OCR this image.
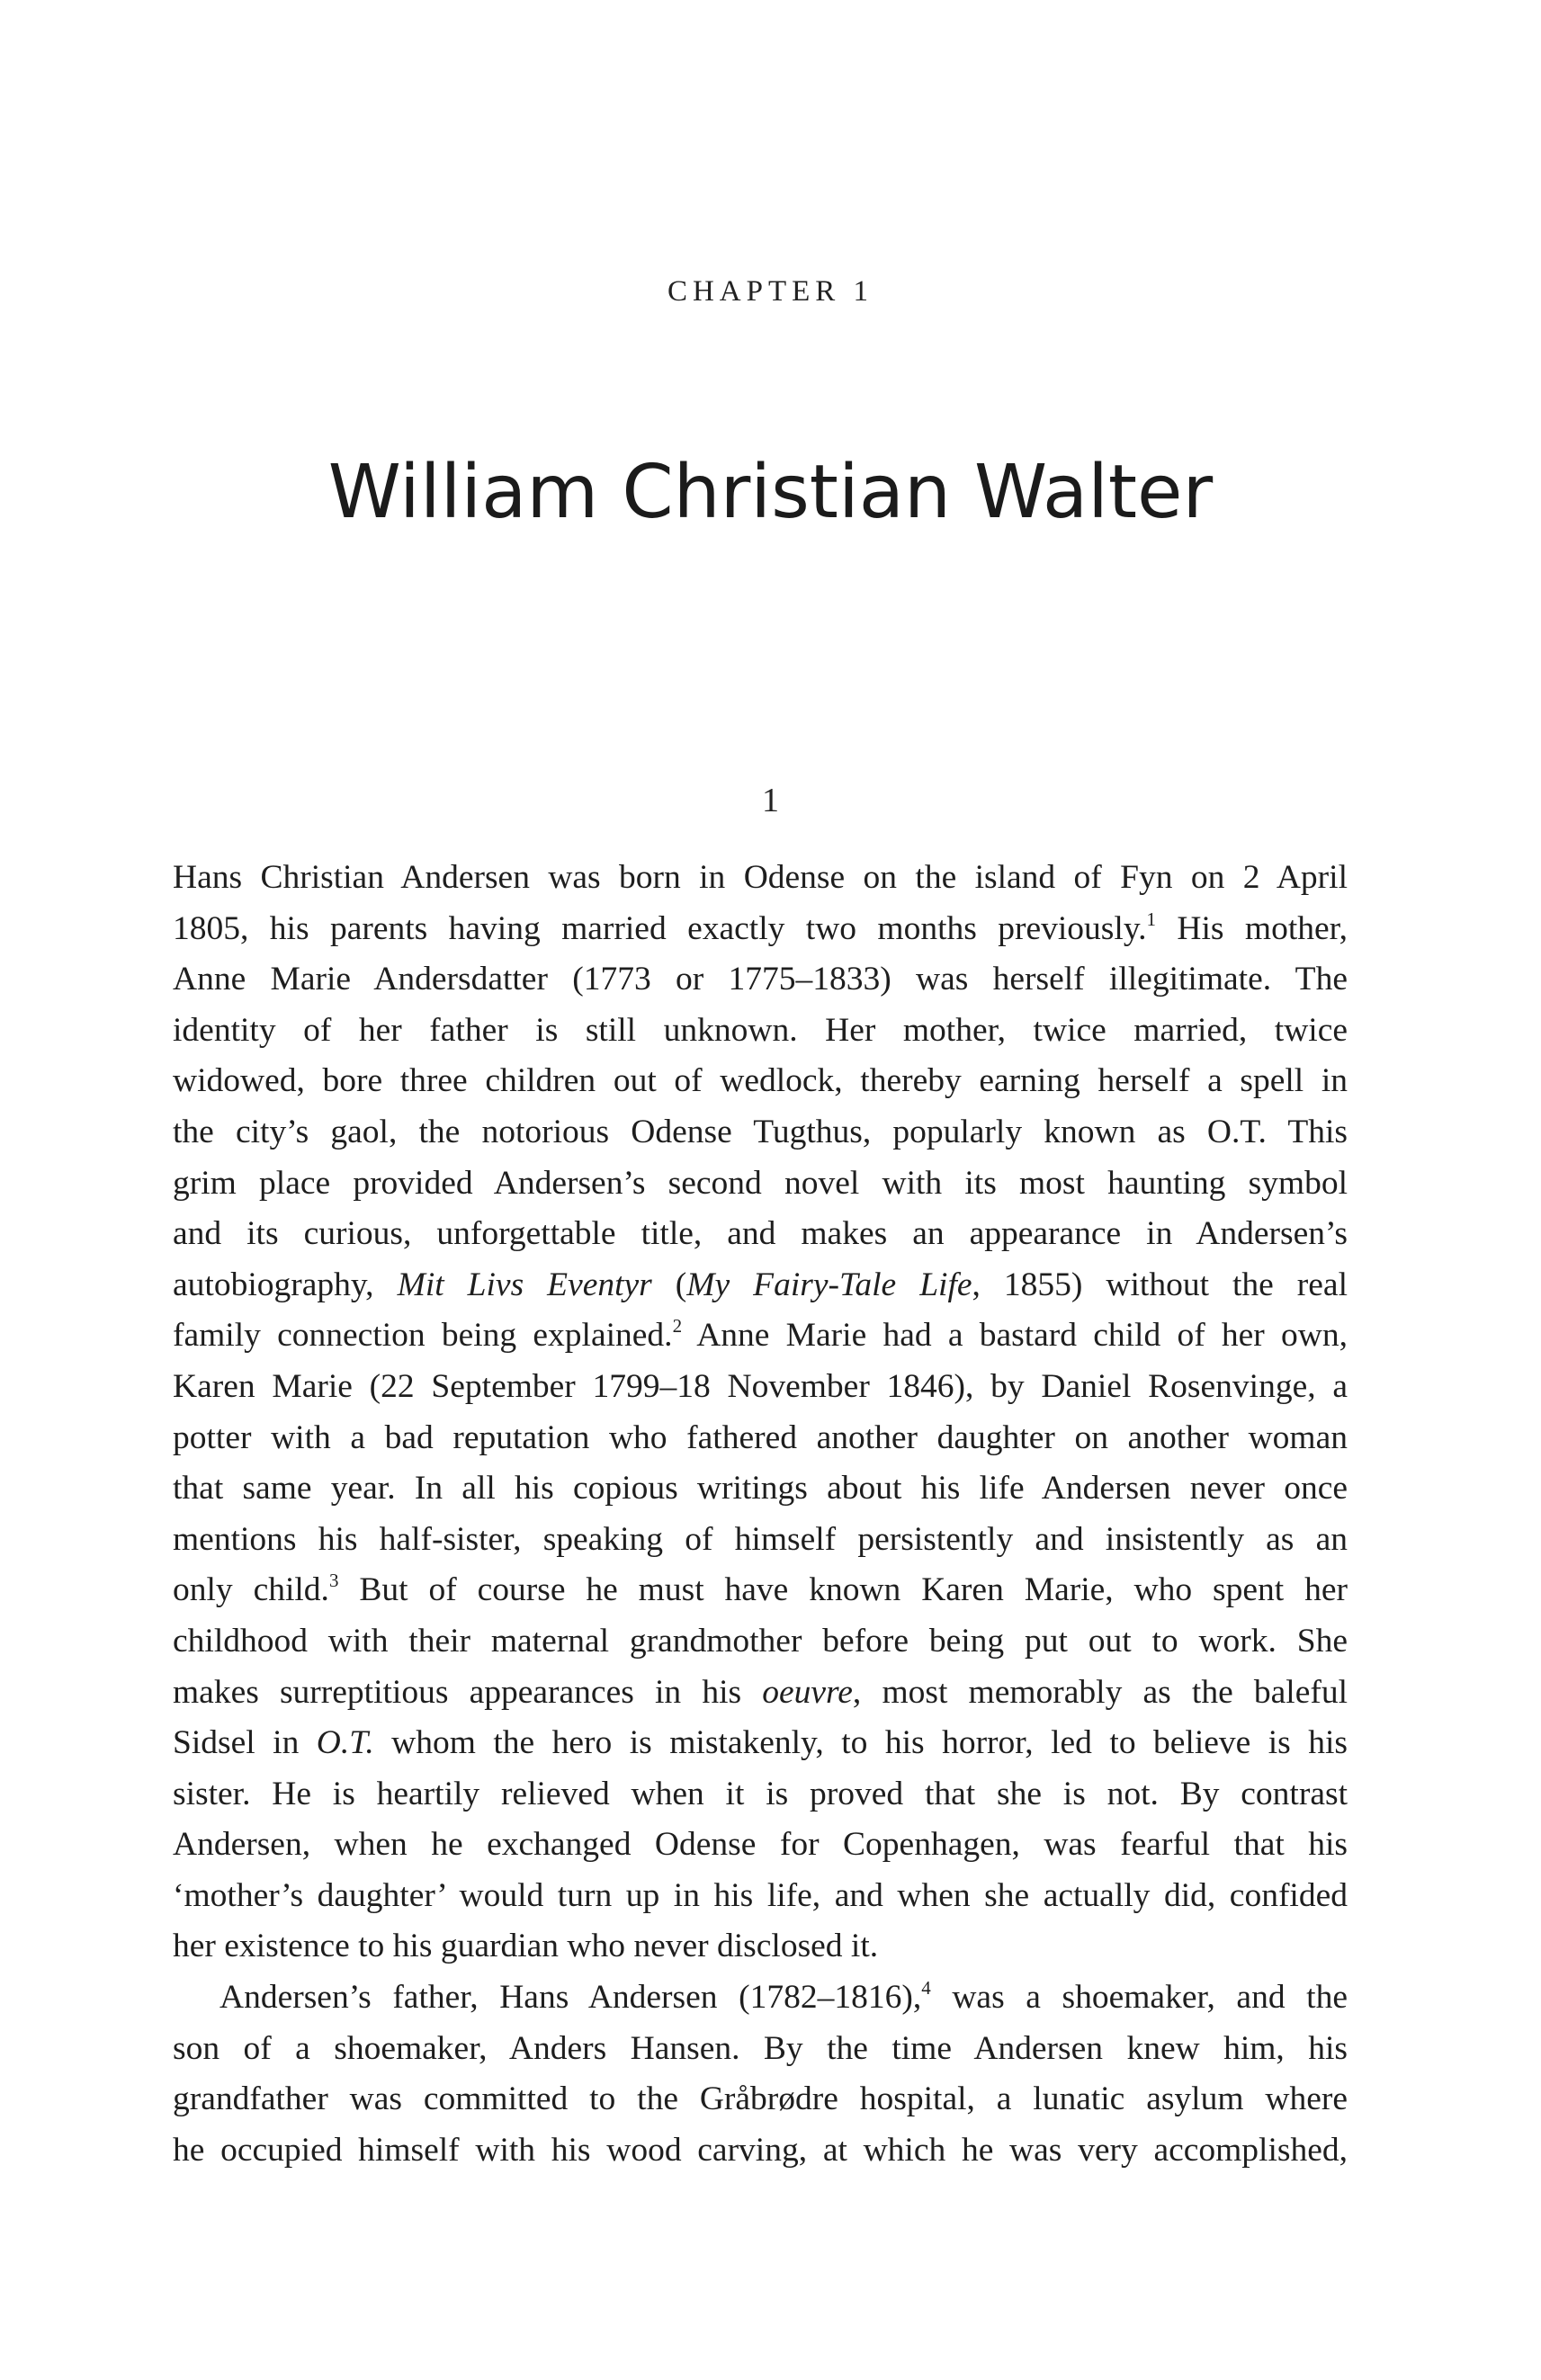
CHAPTER 1
William Christian Walter
1
Hans Christian Andersen was born in Odense on the island of Fyn on 2 April
1805, his parents having married exactly two months previously.$^1$ His mother,
Anne Marie Andersdatter (1773 or 1775–1833) was herself illegitimate. The
identity of her father is still unknown. Her mother, twice married, twice
widowed, bore three children out of wedlock, thereby earning herself a spell in
the city’s gaol, the notorious Odense Tugthus, popularly known as O.T. This
grim place provided Andersen’s second novel with its most haunting symbol
and its curious, unforgettable title, and makes an appearance in Andersen’s
autobiography, Mit Livs Eventyr (My Fairy-Tale Life, 1855) without the real
family connection being explained.$^2$ Anne Marie had a bastard child of her own,
Karen Marie (22 September 1799–18 November 1846), by Daniel Rosenvinge, a
potter with a bad reputation who fathered another daughter on another woman
that same year. In all his copious writings about his life Andersen never once
mentions his half-sister, speaking of himself persistently and insistently as an
only child.$^3$ But of course he must have known Karen Marie, who spent her
childhood with their maternal grandmother before being put out to work. She
makes surreptitious appearances in his oeuvre, most memorably as the baleful
Sidsel in O.T. whom the hero is mistakenly, to his horror, led to believe is his
sister. He is heartily relieved when it is proved that she is not. By contrast
Andersen, when he exchanged Odense for Copenhagen, was fearful that his
‘mother’s daughter’ would turn up in his life, and when she actually did, confided
her existence to his guardian who never disclosed it.
Andersen’s father, Hans Andersen (1782–1816),$^4$ was a shoemaker, and the
son of a shoemaker, Anders Hansen. By the time Andersen knew him, his
grandfather was committed to the Gråbrødre hospital, a lunatic asylum where
he occupied himself with his wood carving, at which he was very accomplished,
